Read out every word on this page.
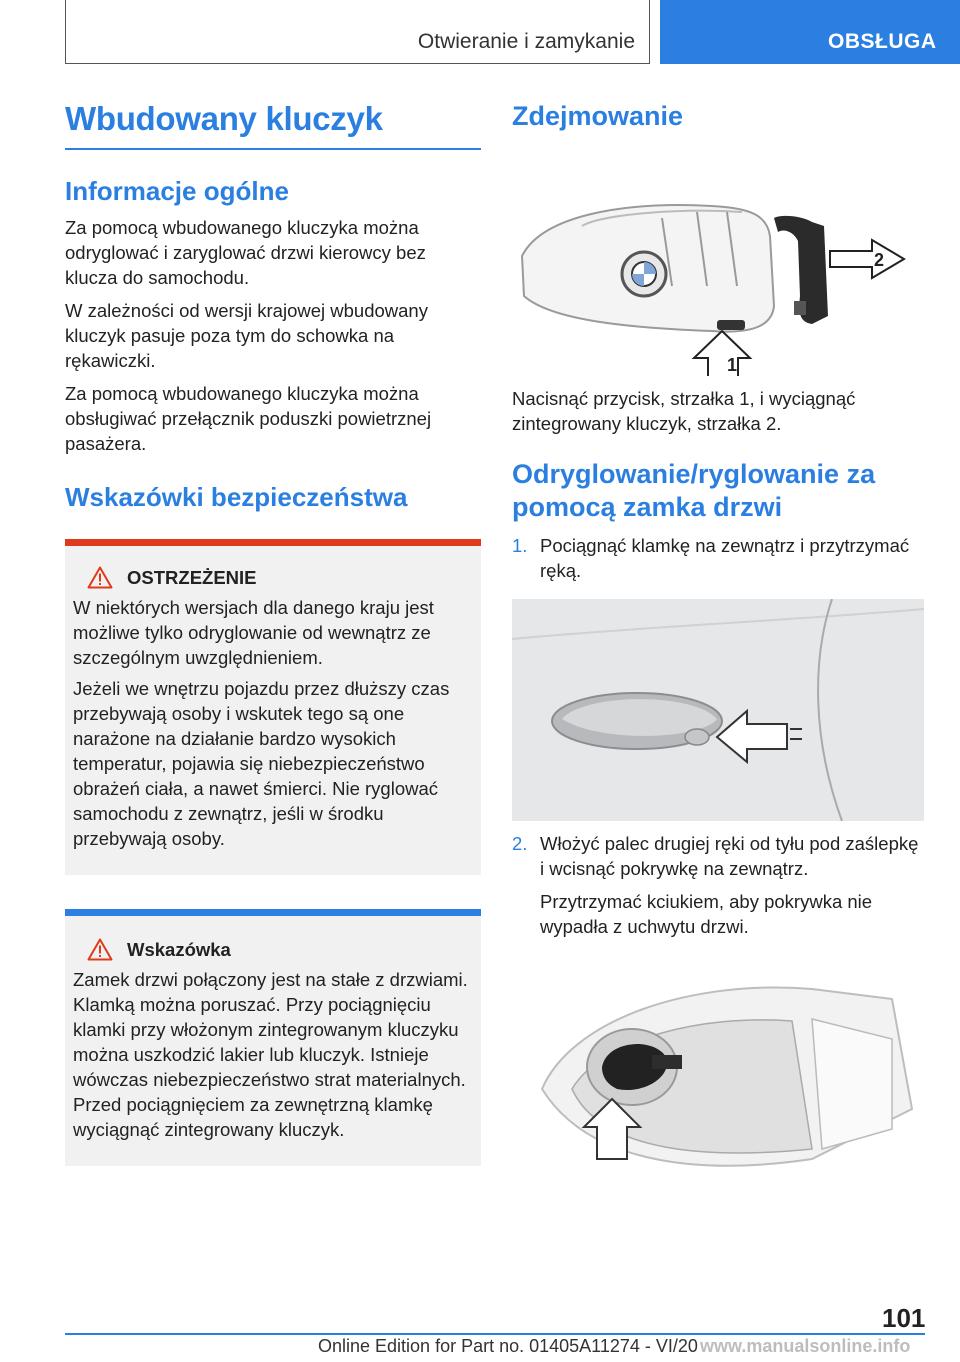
Otwieranie i zamykanie	OBSŁUGA
Wbudowany kluczyk
Informacje ogólne

Za pomocą wbudowanego kluczyka można odryglować i zaryglować drzwi kierowcy bez klucza do samochodu.

W zależności od wersji krajowej wbudowany kluczyk pasuje poza tym do schowka na rękawiczki.

Za pomocą wbudowanego kluczyka można obsługiwać przełącznik poduszki powietrznej pasażera.

Wskazówki bezpieczeństwa
OSTRZEŻENIE

W niektórych wersjach dla danego kraju jest możliwe tylko odryglowanie od wewnątrz ze szczególnym uwzględnieniem.

Jeżeli we wnętrzu pojazdu przez dłuższy czas przebywają osoby i wskutek tego są one narażone na działanie bardzo wysokich temperatur, pojawia się niebezpieczeństwo obrażeń ciała, a nawet śmierci. Nie ryglować samochodu z zewnątrz, jeśli w środku przebywają osoby.

Wskazówka

Zamek drzwi połączony jest na stałe z drzwiami. Klamką można poruszać. Przy pociągnięciu klamki przy włożonym zintegrowanym kluczyku można uszkodzić lakier lub kluczyk. Istnieje wówczas niebezpieczeństwo strat materialnych. Przed pociągnięciem za zewnętrzną klamkę wyciągnąć zintegrowany kluczyk.

Zdejmowanie
2
1

Nacisnąć przycisk, strzałka 1, i wyciągnąć zintegrowany kluczyk, strzałka 2.

Odryglowanie/ryglowanie za pomocą zamka drzwi
1. Pociągnąć klamkę na zewnątrz i przytrzymać ręką.
2. Włożyć palec drugiej ręki od tyłu pod zaślepkę i wcisnąć pokrywkę na zewnątrz.

Przytrzymać kciukiem, aby pokrywka nie wypadła z uchwytu drzwi.

101
Online Edition for Part no. 01405A11274 - VI/20 www.manualsonline.info
